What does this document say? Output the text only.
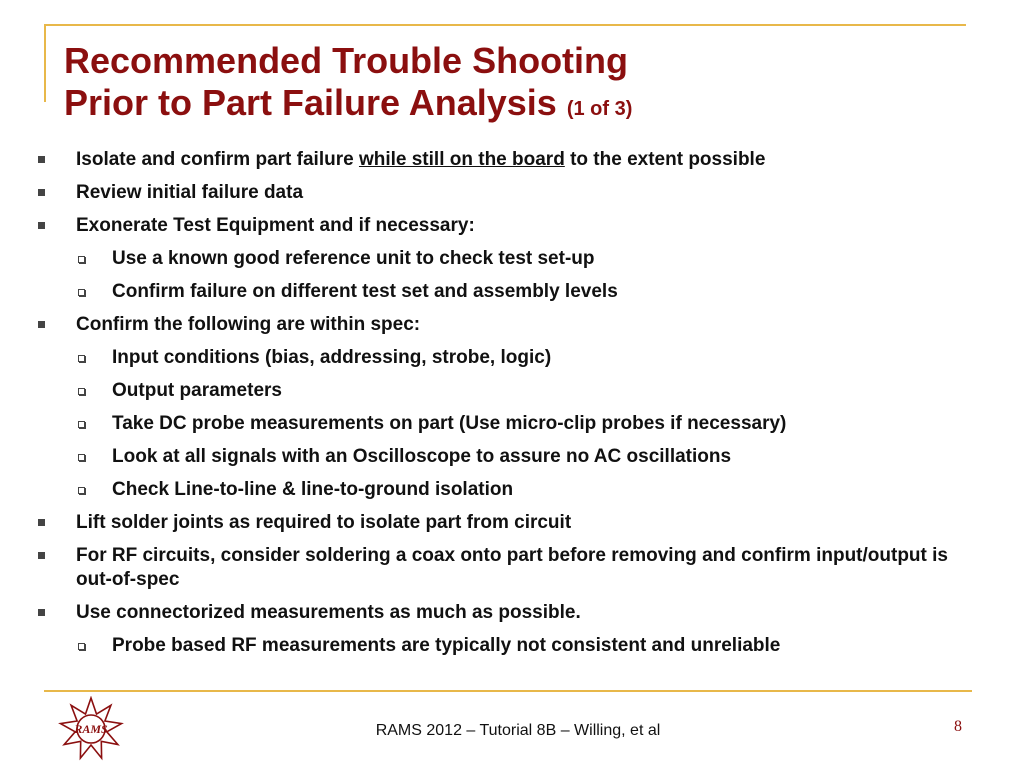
Recommended Trouble Shooting
Prior to Part Failure Analysis (1 of 3)
Isolate and confirm part failure while still on the board to the extent possible
Review initial failure data
Exonerate Test Equipment and if necessary:
Use a known good reference unit to check test set-up
Confirm failure on different test set and assembly levels
Confirm the following are within spec:
Input conditions (bias, addressing, strobe, logic)
Output parameters
Take DC probe measurements on part (Use micro-clip probes if necessary)
Look at all signals with an Oscilloscope to assure no AC oscillations
Check Line-to-line & line-to-ground isolation
Lift solder joints as required to isolate part from circuit
For RF circuits, consider soldering a coax onto part before removing and confirm input/output is out-of-spec
Use connectorized measurements as much as possible.
Probe based RF measurements are typically not consistent and unreliable
RAMS	RAMS 2012 – Tutorial 8B – Willing, et al	8
